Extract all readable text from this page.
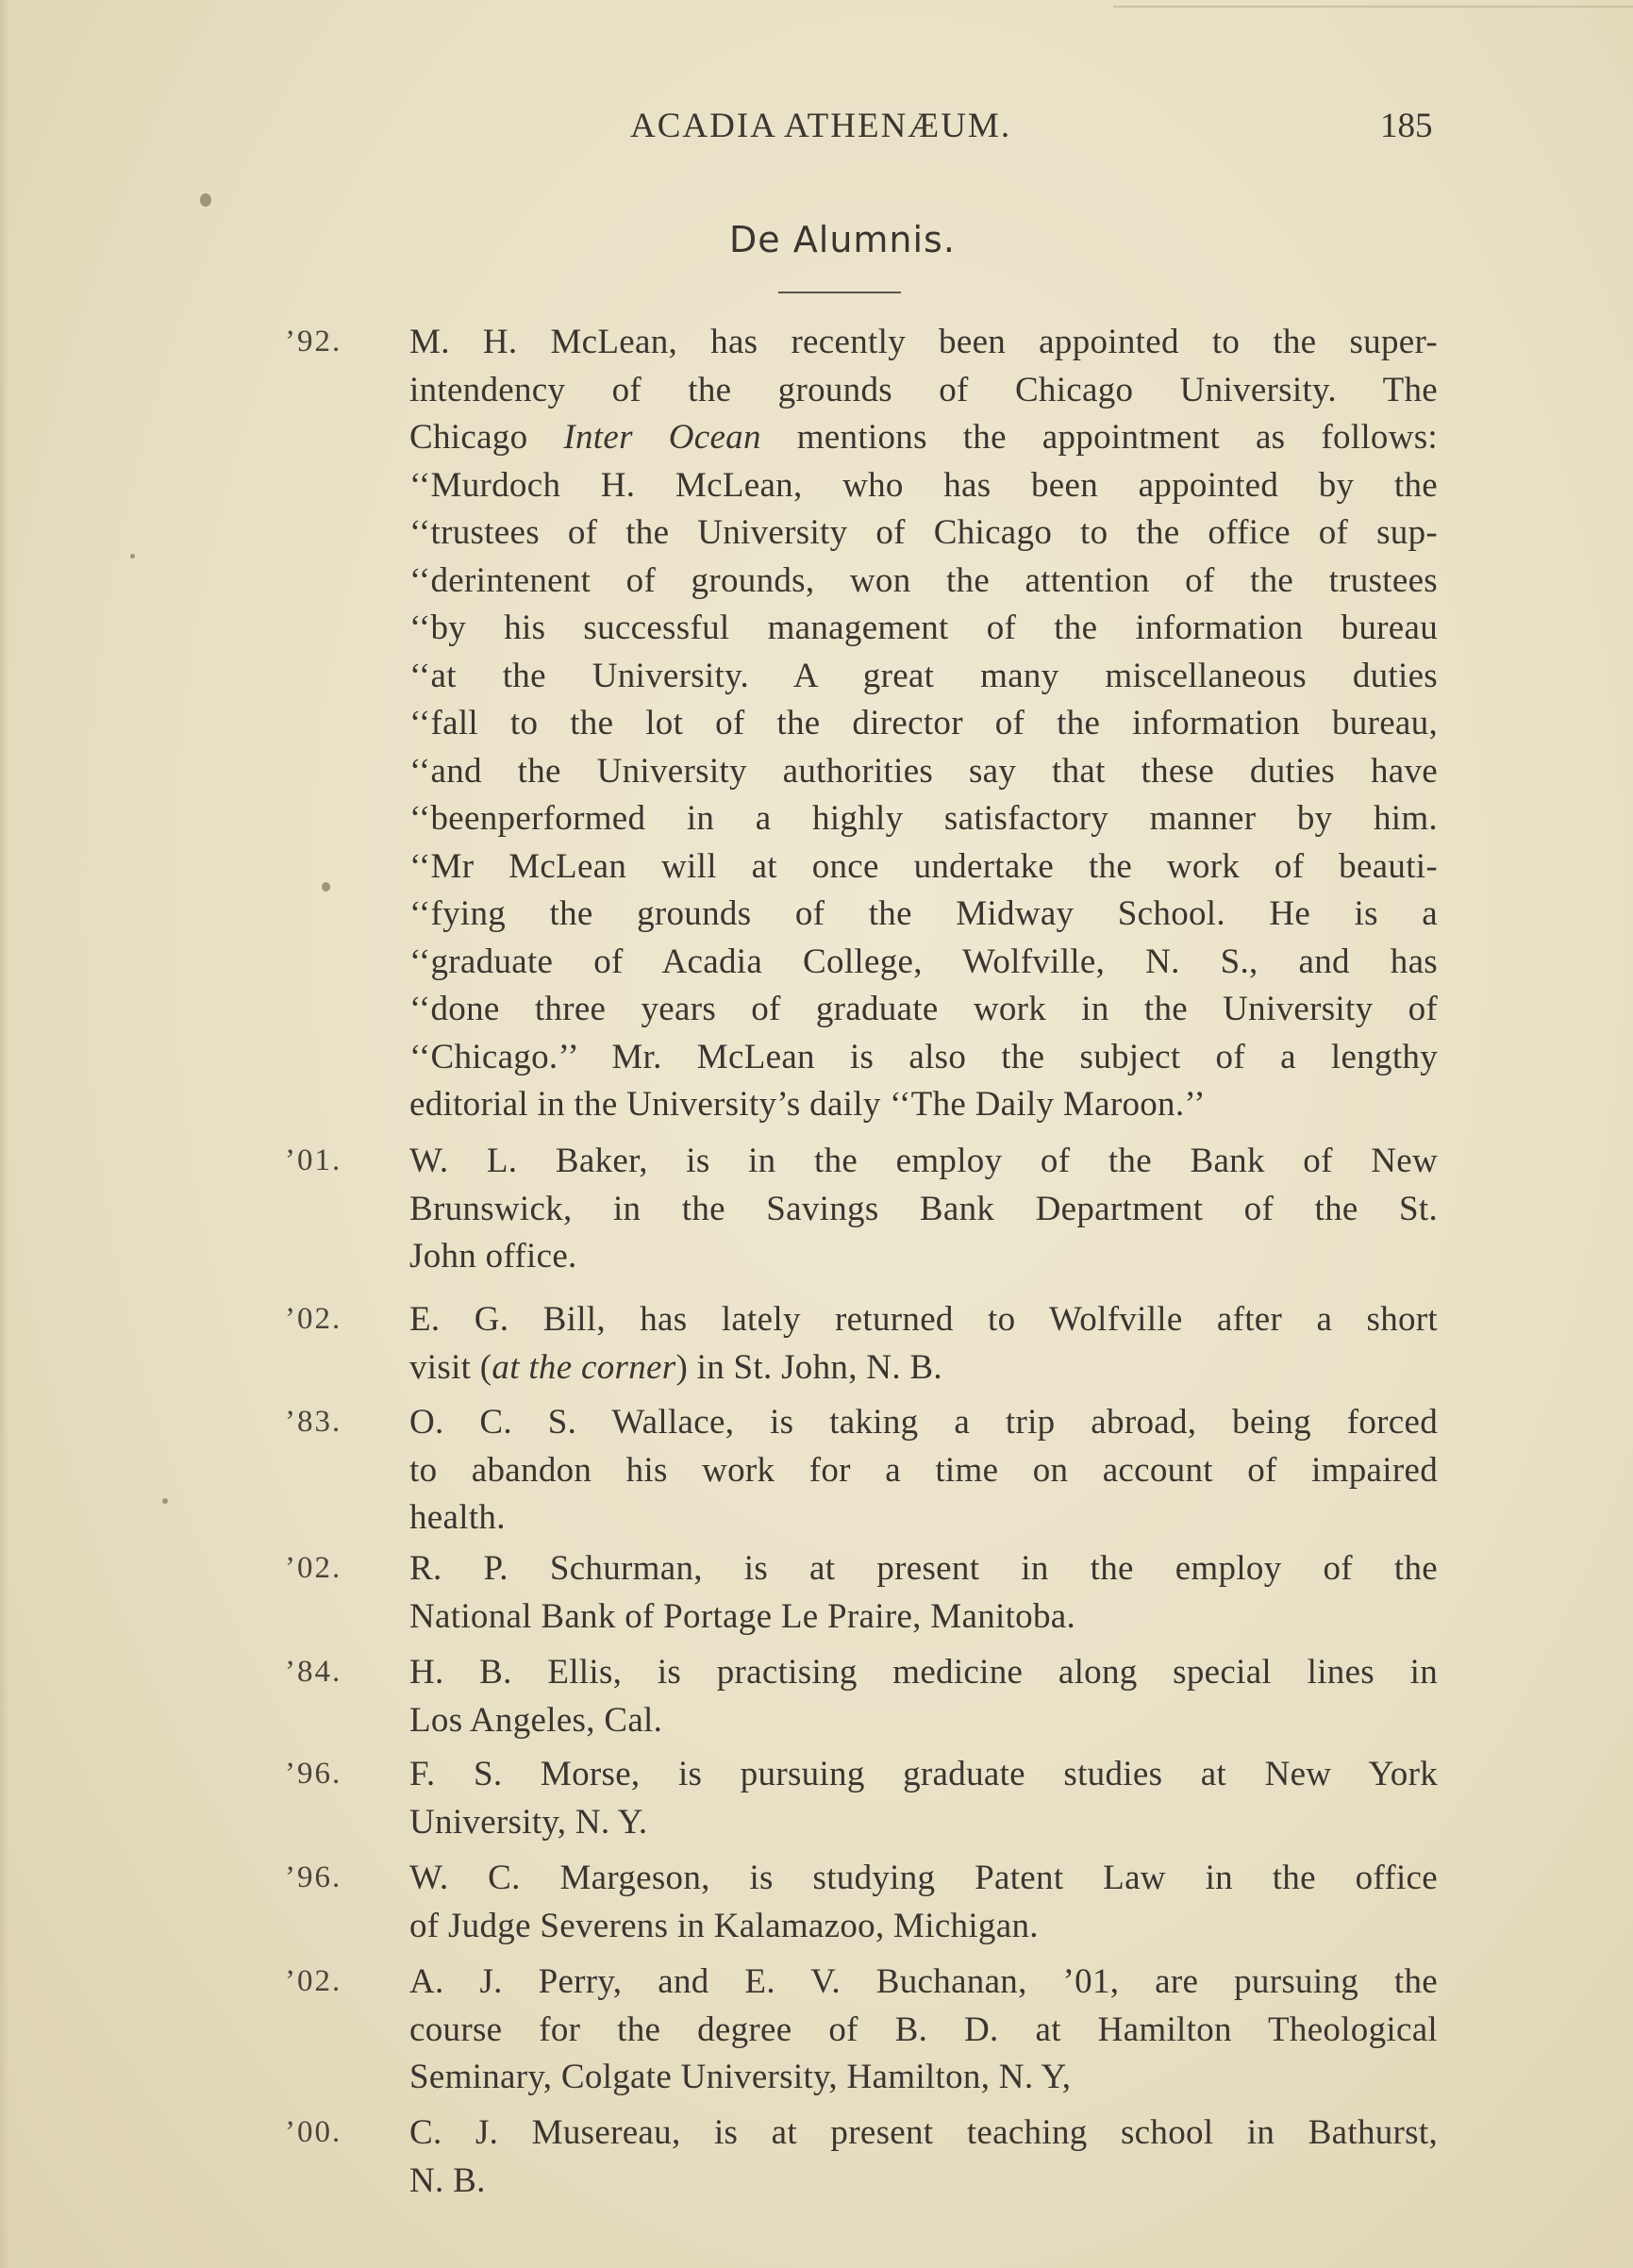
ACADIA ATHENÆUM.	185
De Alumnis.
’92. M. H. McLean, has recently been appointed to the super-
intendency of the grounds of Chicago University. The
Chicago Inter Ocean mentions the appointment as follows:
‘‘Murdoch H. McLean, who has been appointed by the
‘‘trustees of the University of Chicago to the office of sup-
‘‘derintenent of grounds, won the attention of the trustees
‘‘by his successful management of the information bureau
‘‘at the University. A great many miscellaneous duties
‘‘fall to the lot of the director of the information bureau,
‘‘and the University authorities say that these duties have
‘‘beenperformed in a highly satisfactory manner by him.
‘‘Mr McLean will at once undertake the work of beauti-
‘‘fying the grounds of the Midway School. He is a
‘‘graduate of Acadia College, Wolfville, N. S., and has
‘‘done three years of graduate work in the University of
‘‘Chicago.’’ Mr. McLean is also the subject of a lengthy
editorial in the University’s daily ‘‘The Daily Maroon.’’
’01. W. L. Baker, is in the employ of the Bank of New
Brunswick, in the Savings Bank Department of the St.
John office.
’02. E. G. Bill, has lately returned to Wolfville after a short
visit (at the corner) in St. John, N. B.
’83. O. C. S. Wallace, is taking a trip abroad, being forced
to abandon his work for a time on account of impaired
health.
’02. R. P. Schurman, is at present in the employ of the
National Bank of Portage Le Praire, Manitoba.
’84. H. B. Ellis, is practising medicine along special lines in
Los Angeles, Cal.
’96. F. S. Morse, is pursuing graduate studies at New York
University, N. Y.
’96. W. C. Margeson, is studying Patent Law in the office
of Judge Severens in Kalamazoo, Michigan.
’02. A. J. Perry, and E. V. Buchanan, ’01, are pursuing the
course for the degree of B. D. at Hamilton Theological
Seminary, Colgate University, Hamilton, N. Y,
’00. C. J. Musereau, is at present teaching school in Bathurst,
N. B.
